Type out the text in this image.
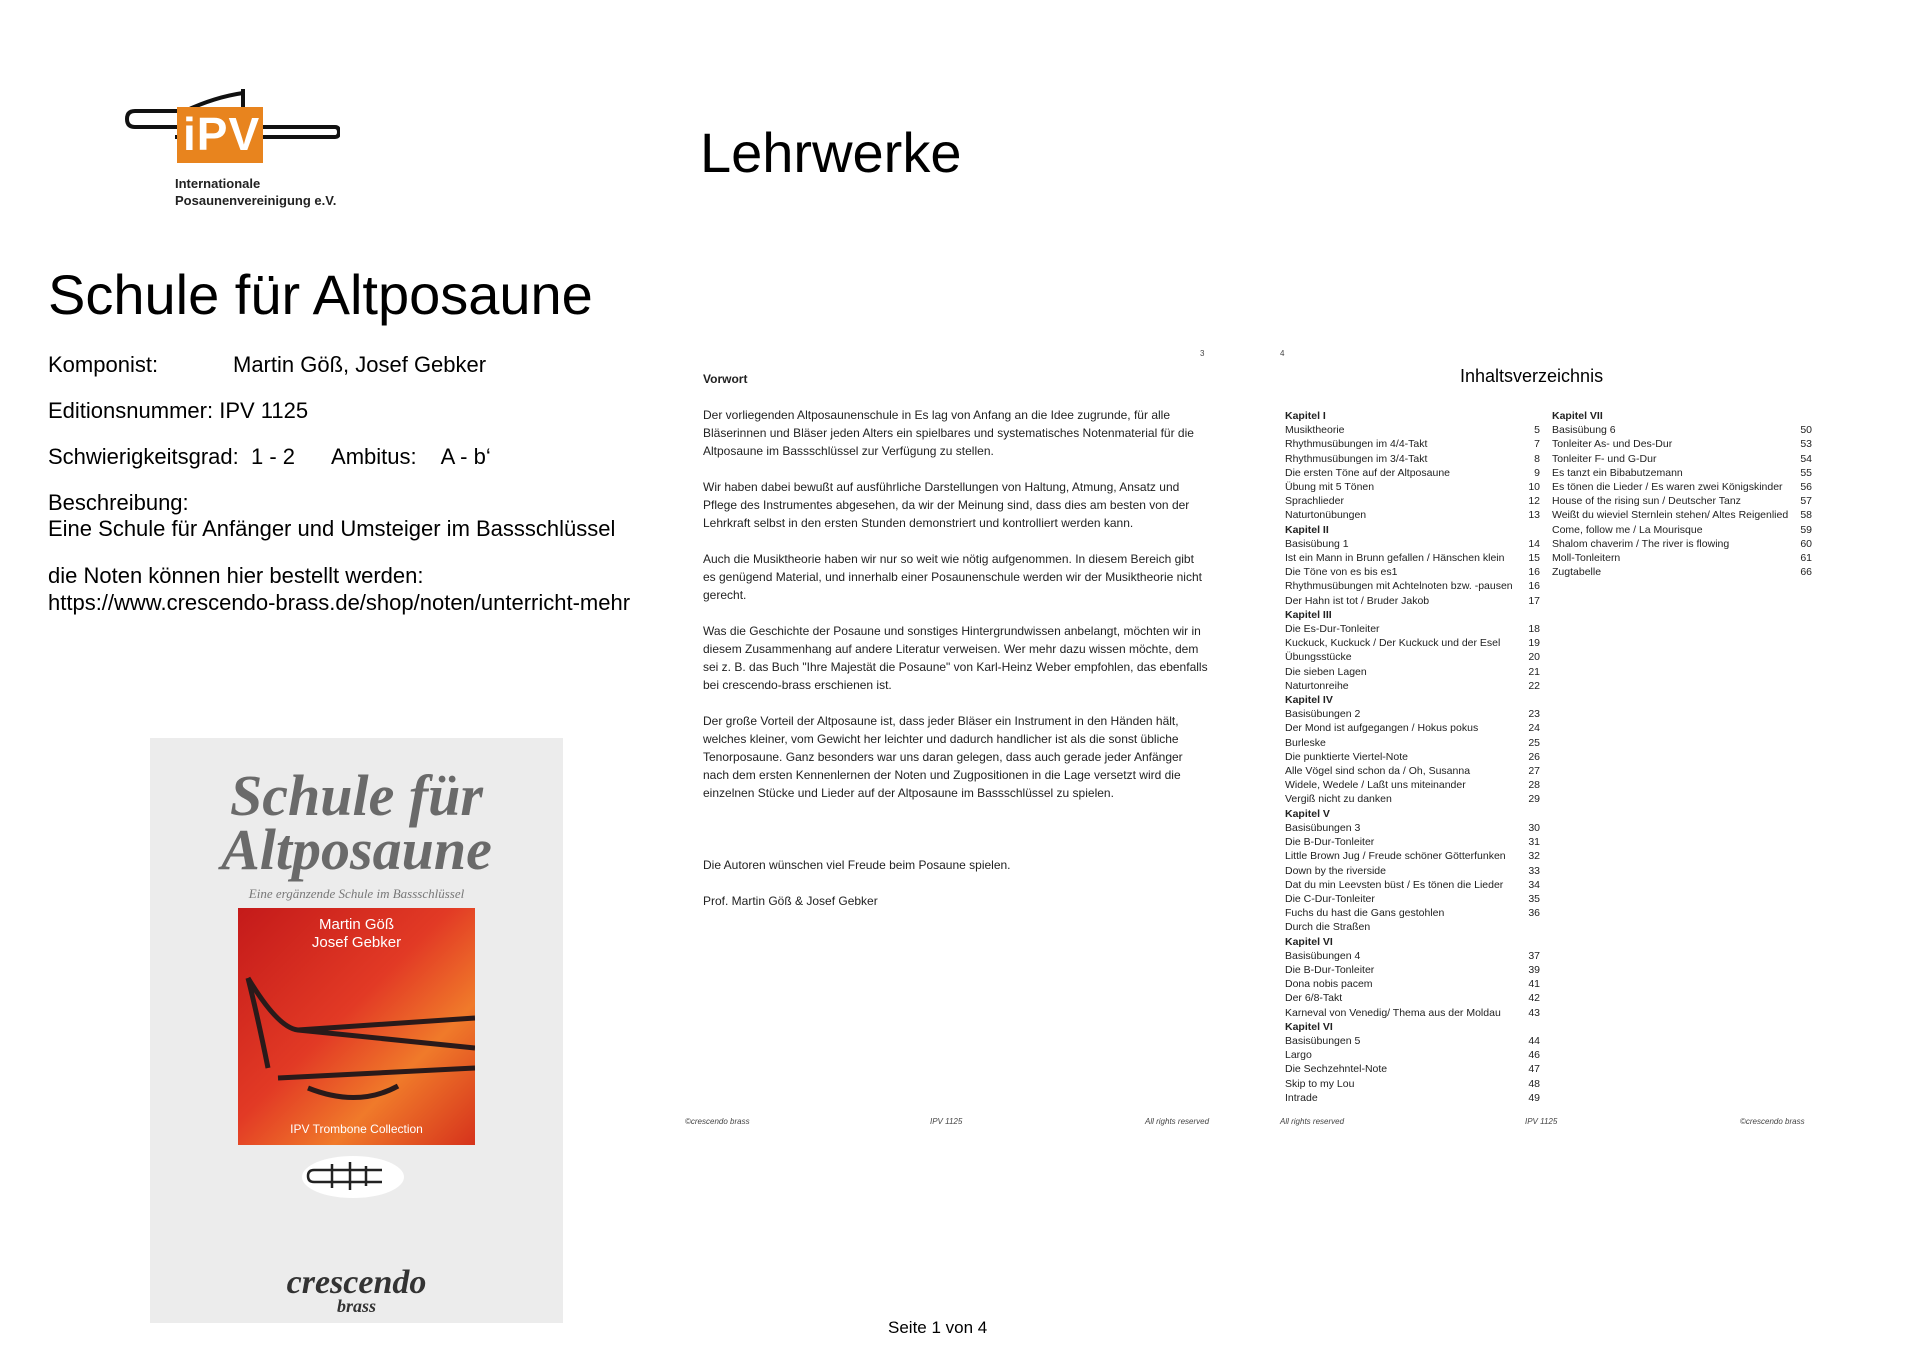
iPV
Internationale
Posaunenvereinigung e.V.
Lehrwerke
Schule für Altposaune
Komponist:	Martin Göß, Josef Gebker
Editionsnummer: IPV 1125
Schwierigkeitsgrad: 1 - 2 Ambitus: A - b‘
Beschreibung:
Eine Schule für Anfänger und Umsteiger im Bassschlüssel
die Noten können hier bestellt werden:
https://www.crescendo-brass.de/shop/noten/unterricht-mehr
Schule für
Altposaune
Eine ergänzende Schule im Bassschlüssel
Martin Göß
Josef Gebker
IPV Trombone Collection
crescendo
brass
3
Vorwort

Der vorliegenden Altposaunenschule in Es lag von Anfang an die Idee zugrunde, für alle Bläserinnen und Bläser jeden Alters ein spielbares und systematisches Notenmaterial für die Altposaune im Bassschlüssel zur Verfügung zu stellen.

Wir haben dabei bewußt auf ausführliche Darstellungen von Haltung, Atmung, Ansatz und Pflege des Instrumentes abgesehen, da wir der Meinung sind, dass dies am besten von der Lehrkraft selbst in den ersten Stunden demonstriert und kontrolliert werden kann.

Auch die Musiktheorie haben wir nur so weit wie nötig aufgenommen. In diesem Bereich gibt es genügend Material, und innerhalb einer Posaunenschule werden wir der Musiktheorie nicht gerecht.

Was die Geschichte der Posaune und sonstiges Hintergrundwissen anbelangt, möchten wir in diesem Zusammenhang auf andere Literatur verweisen. Wer mehr dazu wissen möchte, dem sei z. B. das Buch "Ihre Majestät die Posaune" von Karl-Heinz Weber empfohlen, das ebenfalls bei crescendo-brass erschienen ist.

Der große Vorteil der Altposaune ist, dass jeder Bläser ein Instrument in den Händen hält, welches kleiner, vom Gewicht her leichter und dadurch handlicher ist als die sonst übliche Tenorposaune. Ganz besonders war uns daran gelegen, dass auch gerade jeder Anfänger nach dem ersten Kennenlernen der Noten und Zugpositionen in die Lage versetzt wird die einzelnen Stücke und Lieder auf der Altposaune im Bassschlüssel zu spielen.

Die Autoren wünschen viel Freude beim Posaune spielen.

Prof. Martin Göß & Josef Gebker

©crescendo brass	IPV 1125	All rights reserved
4
Inhaltsverzeichnis
Kapitel I
Musiktheorie	5
Rhythmusübungen im 4/4-Takt	7
Rhythmusübungen im 3/4-Takt	8
Die ersten Töne auf der Altposaune	9
Übung mit 5 Tönen	10
Sprachlieder	12
Naturtonübungen	13
Kapitel II
Basisübung 1	14
Ist ein Mann in Brunn gefallen / Hänschen klein	15
Die Töne von es bis es1	16
Rhythmusübungen mit Achtelnoten bzw. -pausen	16
Der Hahn ist tot / Bruder Jakob	17
Kapitel III
Die Es-Dur-Tonleiter	18
Kuckuck, Kuckuck / Der Kuckuck und der Esel	19
Übungsstücke	20
Die sieben Lagen	21
Naturtonreihe	22
Kapitel IV
Basisübungen 2	23
Der Mond ist aufgegangen / Hokus pokus	24
Burleske	25
Die punktierte Viertel-Note	26
Alle Vögel sind schon da / Oh, Susanna	27
Widele, Wedele / Laßt uns miteinander	28
Vergiß nicht zu danken	29
Kapitel V
Basisübungen 3	30
Die B-Dur-Tonleiter	31
Little Brown Jug / Freude schöner Götterfunken	32
Down by the riverside	33
Dat du min Leevsten büst / Es tönen die Lieder	34
Die C-Dur-Tonleiter	35
Fuchs du hast die Gans gestohlen	36
Durch die Straßen
Kapitel VI
Basisübungen 4	37
Die B-Dur-Tonleiter	39
Dona nobis pacem	41
Der 6/8-Takt	42
Karneval von Venedig/ Thema aus der Moldau	43
Kapitel VI
Basisübungen 5	44
Largo	46
Die Sechzehntel-Note	47
Skip to my Lou	48
Intrade	49
Kapitel VII
Basisübung 6	50
Tonleiter As- und Des-Dur	53
Tonleiter F- und G-Dur	54
Es tanzt ein Bibabutzemann	55
Es tönen die Lieder / Es waren zwei Königskinder	56
House of the rising sun / Deutscher Tanz	57
Weißt du wieviel Sternlein stehen/ Altes Reigenlied	58
Come, follow me / La Mourisque	59
Shalom chaverim / The river is flowing	60
Moll-Tonleitern	61
Zugtabelle	66
All rights reserved	IPV 1125	©crescendo brass
Seite 1 von 4
